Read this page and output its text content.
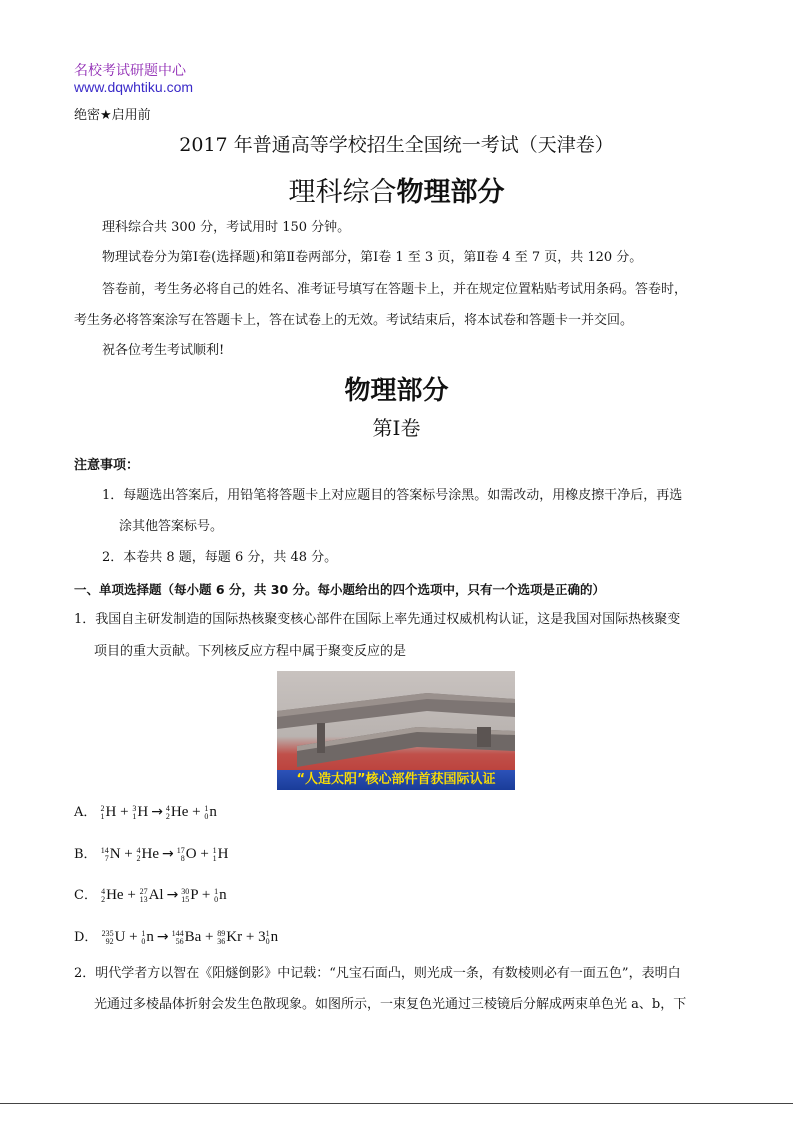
名校考试研题中心
www.dqwhtiku.com
绝密★启用前
2017 年普通高等学校招生全国统一考试（天津卷）
理科综合物理部分
理科综合共 300 分，考试用时 150 分钟。
物理试卷分为第Ⅰ卷(选择题)和第Ⅱ卷两部分，第Ⅰ卷 1 至 3 页，第Ⅱ卷 4 至 7 页，共 120 分。
答卷前，考生务必将自己的姓名、准考证号填写在答题卡上，并在规定位置粘贴考试用条码。答卷时，
考生务必将答案涂写在答题卡上，答在试卷上的无效。考试结束后，将本试卷和答题卡一并交回。
祝各位考生考试顺利!
物理部分
第Ⅰ卷
注意事项：
1．每题选出答案后，用铅笔将答题卡上对应题目的答案标号涂黑。如需改动，用橡皮擦干净后，再选
涂其他答案标号。
2．本卷共 8 题，每题 6 分，共 48 分。
一、单项选择题（每小题 6 分，共 30 分。每小题给出的四个选项中，只有一个选项是正确的）
1．我国自主研发制造的国际热核聚变核心部件在国际上率先通过权威机构认证，这是我国对国际热核聚变
项目的重大贡献。下列核反应方程中属于聚变反应的是
“人造太阳”核心部件首获国际认证
A． 2
1 H + 3
1 H → 4
2 He + 1
0 n
B． 14
7 N + 4
2 He → 17
8 O + 1
1 H
C． 4
2 He + 27
13 Al → 30
15 P + 1
0 n
D． 235
92 U + 1
0 n → 144
56 Ba + 89
36 Kr + 3 1
0 n
2．明代学者方以智在《阳燧倒影》中记载：“凡宝石面凸，则光成一条，有数棱则必有一面五色”，表明白
光通过多棱晶体折射会发生色散现象。如图所示，一束复色光通过三棱镜后分解成两束单色光 a、b，下
